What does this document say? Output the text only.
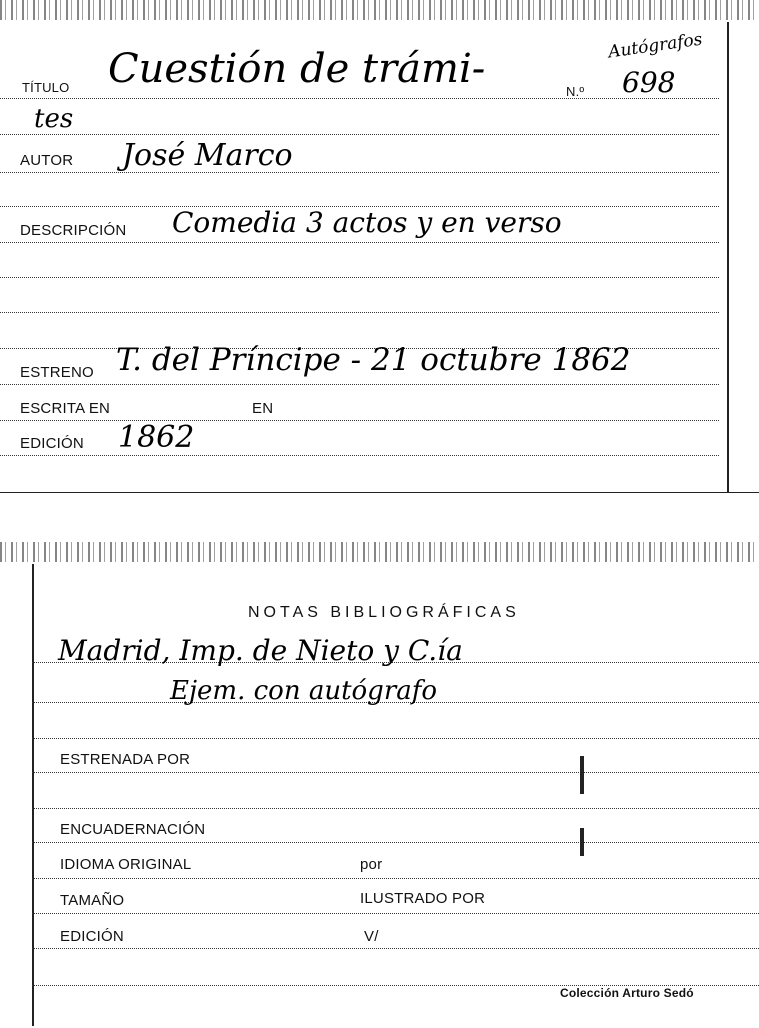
TÍTULO Cuestión de trámi-	N.º 698
Autógrafos
tes
AUTOR José Marco
DESCRIPCIÓN Comedia 3 actos y en verso
ESTRENO T. del Príncipe - 21 octubre 1862
ESCRITA EN	EN
EDICIÓN 1862
NOTAS BIBLIOGRÁFICAS
Madrid, Imp. de Nieto y C.ía
Ejem. con autógrafo
ESTRENADA POR
ENCUADERNACIÓN
IDIOMA ORIGINAL	por
TAMAÑO	ILUSTRADO POR
EDICIÓN	V/
Colección Arturo Sedó
